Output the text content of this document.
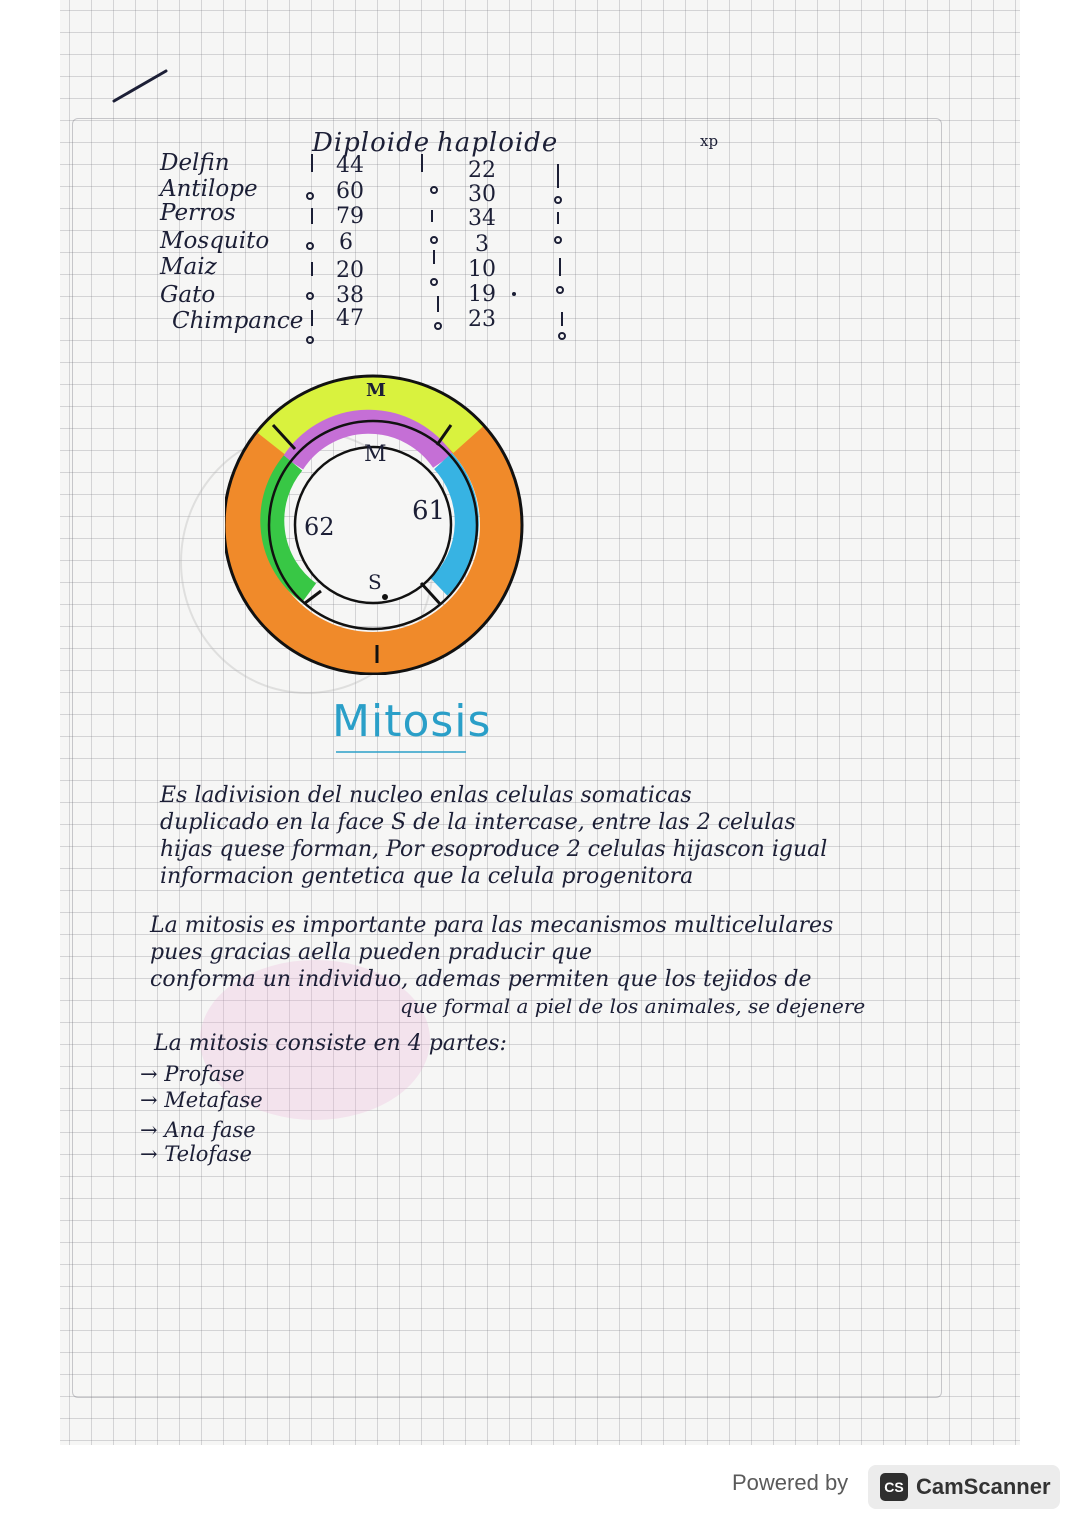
Diploide haploide	xp
Delfin
Antilope
Perros
Mosquito
Maiz
Gato
Chimpance
44
60
79
6
20
38
47
22
30
34
3
10
19
23
M
M
61
62
S
Mitosis
Es ladivision del nucleo enlas celulas somaticas
duplicado en la face S de la intercase, entre las 2 celulas
hijas quese forman, Por esoproduce 2 celulas hijascon igual
informacion gentetica que la celula progenitora
La mitosis es importante para las mecanismos multicelulares
pues gracias aella pueden praducir que
conforma un individuo, ademas permiten que los tejidos de
que formal a piel de los animales, se dejenere
La mitosis consiste en 4 partes:
→ Profase
→ Metafase
→ Ana fase
→ Telofase
Powered by	CS CamScanner
